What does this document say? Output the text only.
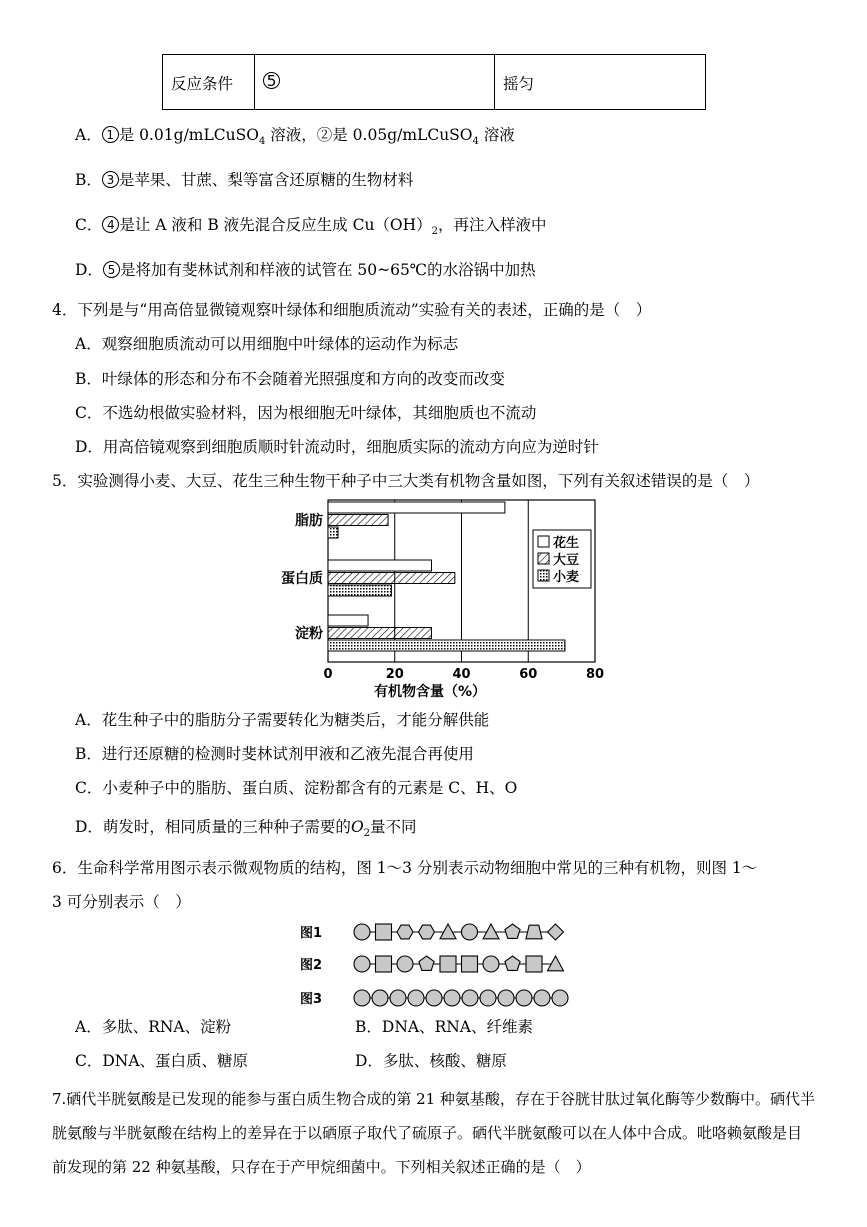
反应条件 5	摇匀
A． 1 是 0.01g/mLCuSO$_4$ 溶液，②是 0.05g/mLCuSO$_4$ 溶液
B． 3 是苹果、甘蔗、梨等富含还原糖的生物材料
C． 4 是让 A 液和 B 液先混合反应生成 $Cu(OH)_2$，再注入样液中
D． 5 是将加有斐林试剂和样液的试管在 50~65℃的水浴锅中加热
4．下列是与“用高倍显微镜观察叶绿体和细胞质流动”实验有关的表述，正确的是（　）
A．观察细胞质流动可以用细胞中叶绿体的运动作为标志
B．叶绿体的形态和分布不会随着光照强度和方向的改变而改变
C．不选幼根做实验材料，因为根细胞无叶绿体，其细胞质也不流动
D．用高倍镜观察到细胞质顺时针流动时，细胞质实际的流动方向应为逆时针
5．实验测得小麦、大豆、花生三种生物干种子中三大类有机物含量如图，下列有关叙述错误的是（　）
0	20	40	60	80
脂肪
蛋白质
淀粉
花生
大豆
小麦
有机物含量（%）
A．花生种子中的脂肪分子需要转化为糖类后，才能分解供能
B．进行还原糖的检测时斐林试剂甲液和乙液先混合再使用
C．小麦种子中的脂肪、蛋白质、淀粉都含有的元素是 C、H、O
D．萌发时，相同质量的三种种子需要的$O_2$量不同
6．生命科学常用图示表示微观物质的结构，图 1～3 分别表示动物细胞中常见的三种有机物，则图 1～
3 可分别表示（　）
图1
图2
图3
A．多肽、RNA、淀粉	B．DNA、RNA、纤维素
C．DNA、蛋白质、糖原	D．多肽、核酸、糖原
7.硒代半胱氨酸是已发现的能参与蛋白质生物合成的第 21 种氨基酸，存在于谷胱甘肽过氧化酶等少数酶中。硒代半
胱氨酸与半胱氨酸在结构上的差异在于以硒原子取代了硫原子。硒代半胱氨酸可以在人体中合成。吡咯赖氨酸是目
前发现的第 22 种氨基酸，只存在于产甲烷细菌中。下列相关叙述正确的是（　）
